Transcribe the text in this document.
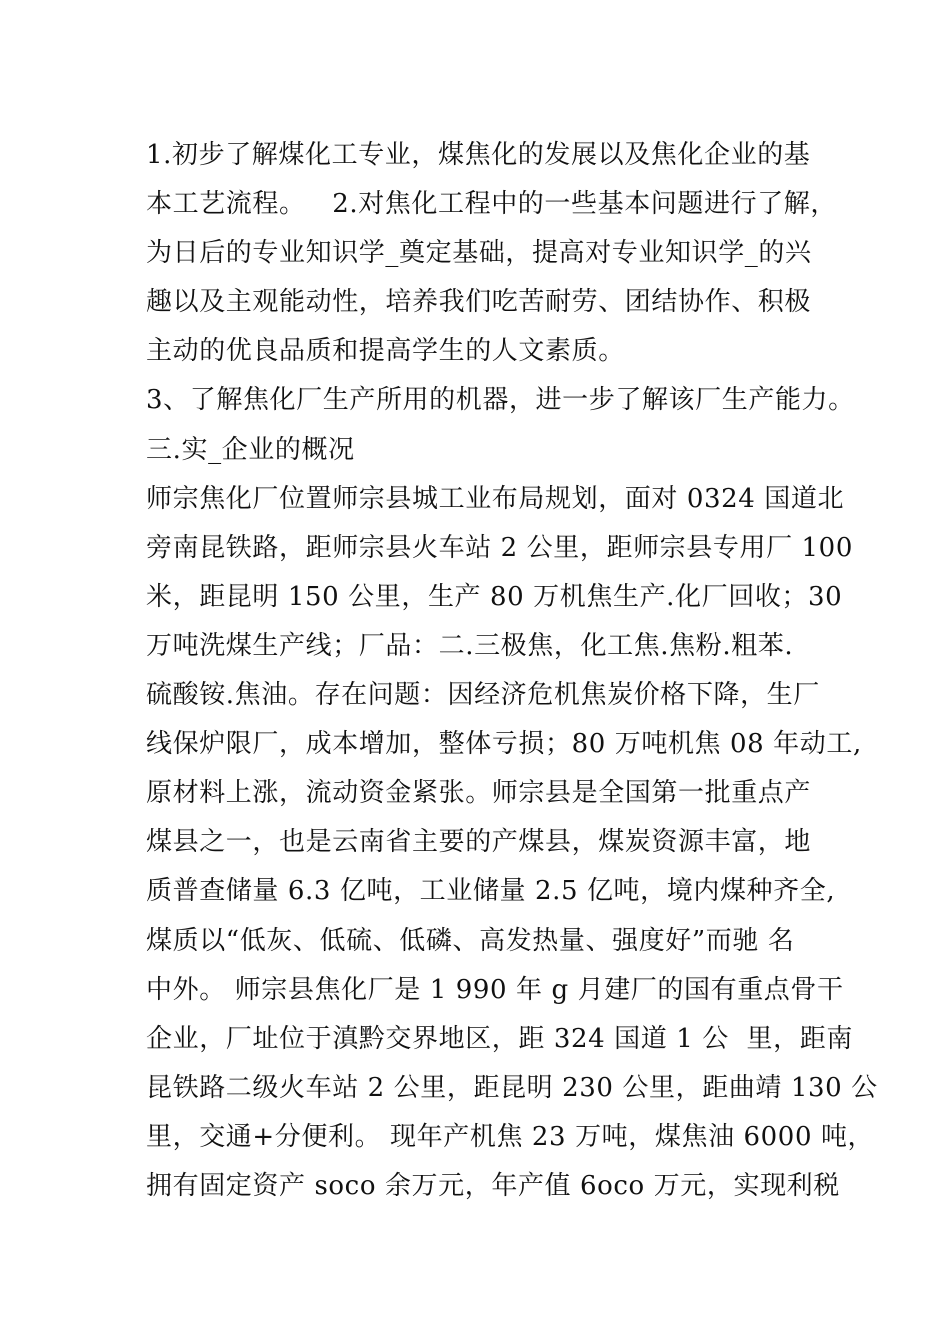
1.初步了解煤化工专业，煤焦化的发展以及焦化企业的基
本工艺流程。   2.对焦化工程中的一些基本问题进行了解，
为日后的专业知识学_奠定基础，提高对专业知识学_的兴
趣以及主观能动性，培养我们吃苦耐劳、团结协作、积极
主动的优良品质和提高学生的人文素质。
3、了解焦化厂生产所用的机器，进一步了解该厂生产能力。
三.实_企业的概况
师宗焦化厂位置师宗县城工业布局规划，面对 0324 国道北
旁南昆铁路，距师宗县火车站 2 公里，距师宗县专用厂 100
米，距昆明 150 公里，生产 80 万机焦生产.化厂回收；30
万吨洗煤生产线；厂品：二.三极焦，化工焦.焦粉.粗苯.
硫酸铵.焦油。存在问题：因经济危机焦炭价格下降，生厂
线保炉限厂，成本增加，整体亏损；80 万吨机焦 08 年动工,
原材料上涨，流动资金紧张。师宗县是全国第一批重点产
煤县之一，也是云南省主要的产煤县，煤炭资源丰富，地
质普查储量 6.3 亿吨，工业储量 2.5 亿吨，境内煤种齐全,
煤质以“低灰、低硫、低磷、高发热量、强度好”而驰 名
中外。 师宗县焦化厂是 1 990 年 g 月建厂的国有重点骨干
企业，厂址位于滇黔交界地区，距 324 国道 1 公  里，距南
昆铁路二级火车站 2 公里，距昆明 230 公里，距曲靖 130 公
里，交通+分便利。 现年产机焦 23 万吨，煤焦油 6000 吨，
拥有固定资产 soco 余万元，年产值 6oco 万元，实现利税
